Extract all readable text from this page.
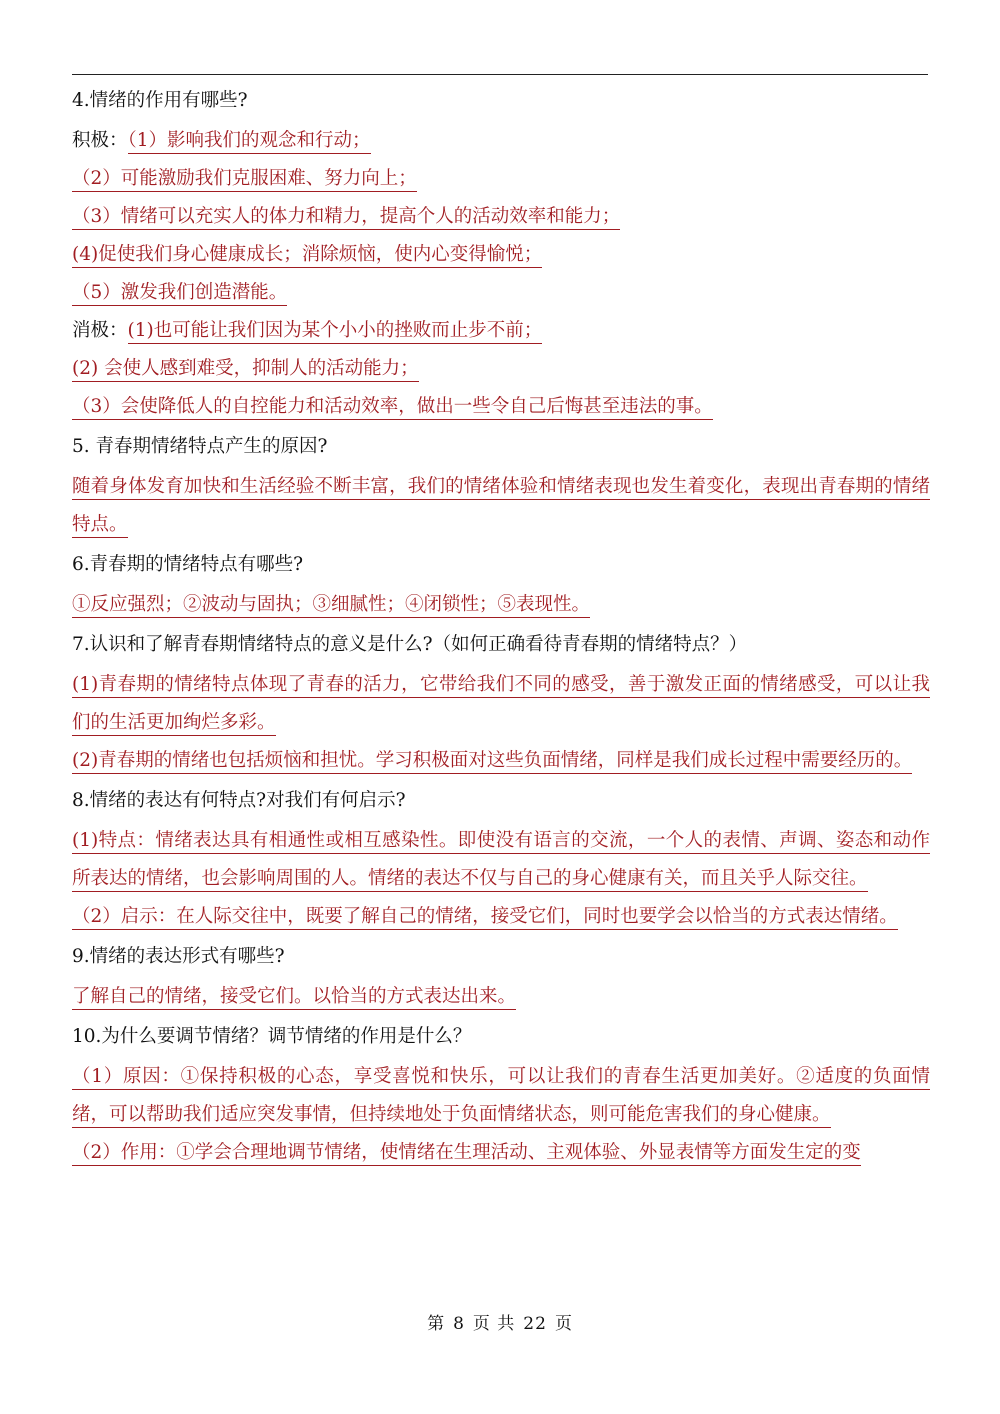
4.情绪的作用有哪些?
积极：（1）影响我们的观念和行动；
（2）可能激励我们克服困难、努力向上；
（3）情绪可以充实人的体力和精力，提高个人的活动效率和能力；
(4)促使我们身心健康成长；消除烦恼，使内心变得愉悦；
（5）激发我们创造潜能。
消极：(1)也可能让我们因为某个小小的挫败而止步不前；
(2) 会使人感到难受，抑制人的活动能力；
（3）会使降低人的自控能力和活动效率，做出一些令自己后悔甚至违法的事。
5. 青春期情绪特点产生的原因?
随着身体发育加快和生活经验不断丰富，我们的情绪体验和情绪表现也发生着变化，表现出青春期的情绪特点。
6.青春期的情绪特点有哪些?
①反应强烈；②波动与固执；③细腻性；④闭锁性；⑤表现性。
7.认识和了解青春期情绪特点的意义是什么?（如何正确看待青春期的情绪特点？）
(1)青春期的情绪特点体现了青春的活力，它带给我们不同的感受，善于激发正面的情绪感受，可以让我们的生活更加绚烂多彩。
(2)青春期的情绪也包括烦恼和担忧。学习积极面对这些负面情绪，同样是我们成长过程中需要经历的。
8.情绪的表达有何特点?对我们有何启示?
(1)特点：情绪表达具有相通性或相互感染性。即使没有语言的交流，一个人的表情、声调、姿态和动作所表达的情绪，也会影响周围的人。情绪的表达不仅与自己的身心健康有关，而且关乎人际交往。
（2）启示：在人际交往中，既要了解自己的情绪，接受它们，同时也要学会以恰当的方式表达情绪。
9.情绪的表达形式有哪些?
了解自己的情绪，接受它们。以恰当的方式表达出来。
10.为什么要调节情绪？调节情绪的作用是什么？
（1）原因：①保持积极的心态，享受喜悦和快乐，可以让我们的青春生活更加美好。②适度的负面情绪，可以帮助我们适应突发事情，但持续地处于负面情绪状态，则可能危害我们的身心健康。
（2）作用：①学会合理地调节情绪，使情绪在生理活动、主观体验、外显表情等方面发生定的变
第 8 页 共 22 页
